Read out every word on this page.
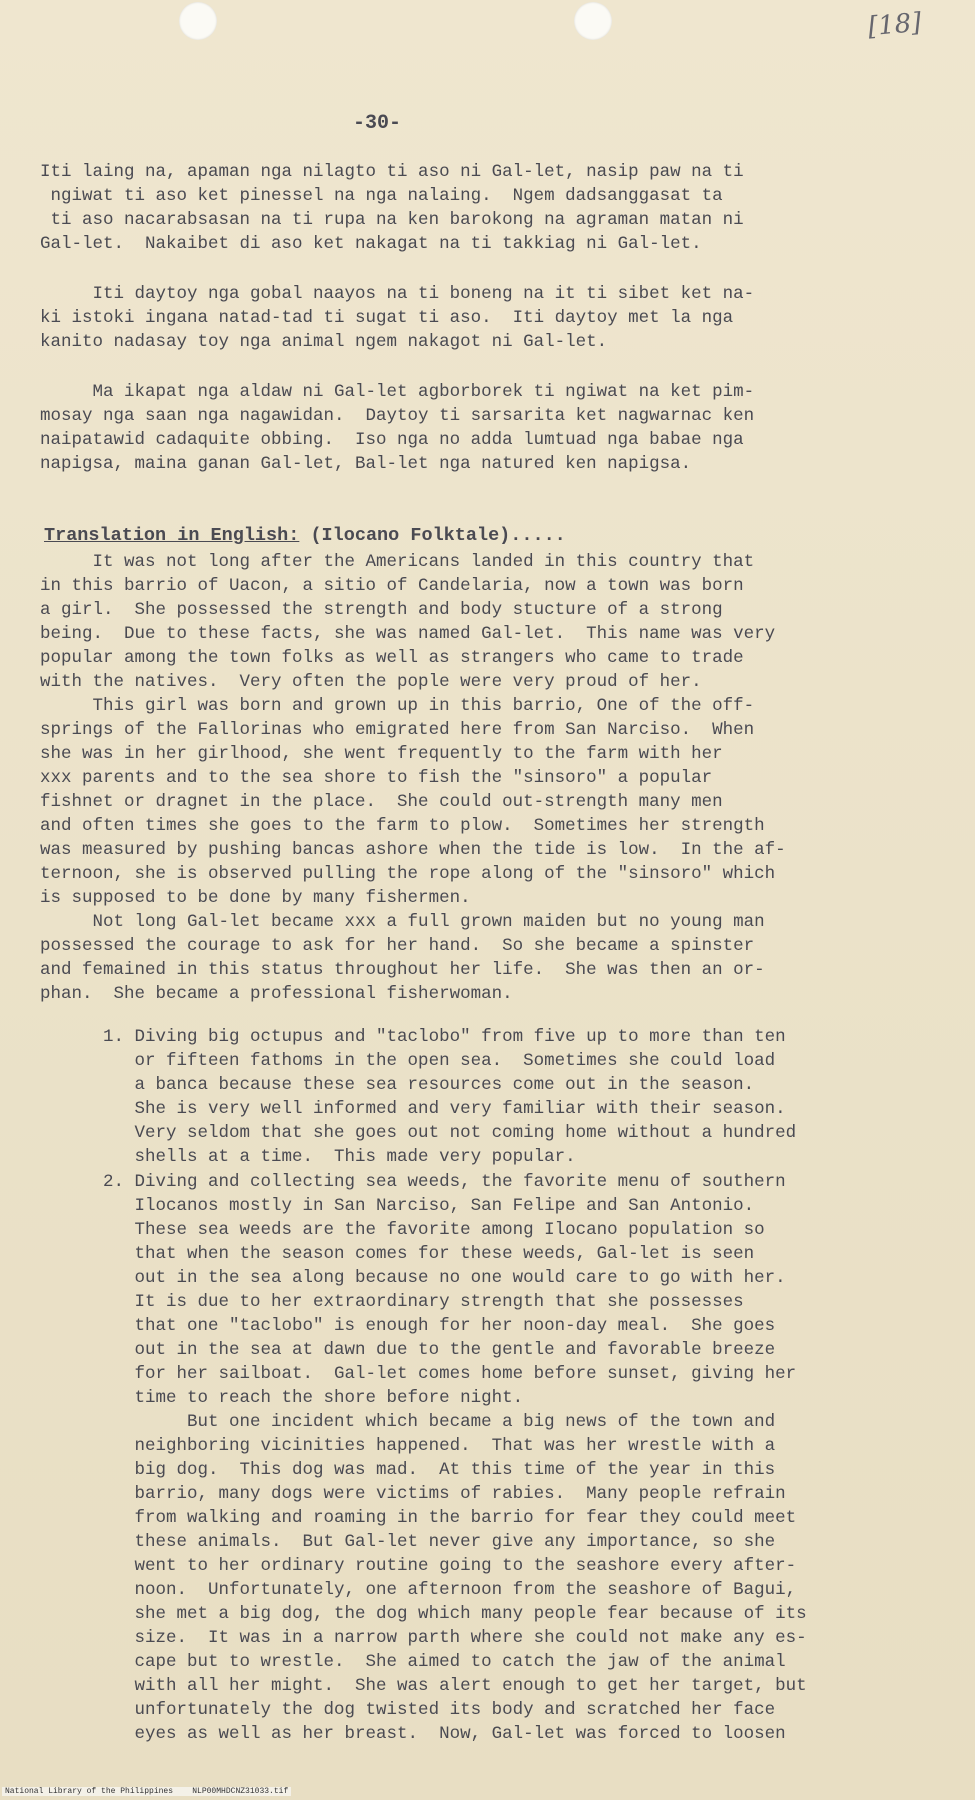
[18]
-30-
Iti laing na, apaman nga nilagto ti aso ni Gal-let, nasip paw na ti
ngiwat ti aso ket pinessel na nga nalaing.  Ngem dadsanggasat ta
ti aso nacarabsasan na ti rupa na ken barokong na agraman matan ni
Gal-let.  Nakaibet di aso ket nakagat na ti takkiag ni Gal-let.
Iti daytoy nga gobal naayos na ti boneng na it ti sibet ket na-
ki istoki ingana natad-tad ti sugat ti aso.  Iti daytoy met la nga
kanito nadasay toy nga animal ngem nakagot ni Gal-let.
Ma ikapat nga aldaw ni Gal-let agborborek ti ngiwat na ket pim-
mosay nga saan nga nagawidan.  Daytoy ti sarsarita ket nagwarnac ken
naipatawid cadaquite obbing.  Iso nga no adda lumtuad nga babae nga
napigsa, maina ganan Gal-let, Bal-let nga natured ken napigsa.
Translation in English: (Ilocano Folktale).....
It was not long after the Americans landed in this country that
in this barrio of Uacon, a sitio of Candelaria, now a town was born
a girl.  She possessed the strength and body stucture of a strong
being.  Due to these facts, she was named Gal-let.  This name was very
popular among the town folks as well as strangers who came to trade
with the natives.  Very often the pople were very proud of her.
This girl was born and grown up in this barrio, One of the off-
springs of the Fallorinas who emigrated here from San Narciso.  When
she was in her girlhood, she went frequently to the farm with her
xxx parents and to the sea shore to fish the "sinsoro" a popular
fishnet or dragnet in the place.  She could out-strength many men
and often times she goes to the farm to plow.  Sometimes her strength
was measured by pushing bancas ashore when the tide is low.  In the af-
ternoon, she is observed pulling the rope along of the "sinsoro" which
is supposed to be done by many fishermen.
Not long Gal-let became xxx a full grown maiden but no young man
possessed the courage to ask for her hand.  So she became a spinster
and femained in this status throughout her life.  She was then an or-
phan.  She became a professional fisherwoman.
1. Diving big octupus and "taclobo" from five up to more than ten
or fifteen fathoms in the open sea.  Sometimes she could load
a banca because these sea resources come out in the season.
She is very well informed and very familiar with their season.
Very seldom that she goes out not coming home without a hundred
shells at a time.  This made very popular.
2. Diving and collecting sea weeds, the favorite menu of southern
Ilocanos mostly in San Narciso, San Felipe and San Antonio.
These sea weeds are the favorite among Ilocano population so
that when the season comes for these weeds, Gal-let is seen
out in the sea along because no one would care to go with her.
It is due to her extraordinary strength that she possesses
that one "taclobo" is enough for her noon-day meal.  She goes
out in the sea at dawn due to the gentle and favorable breeze
for her sailboat.  Gal-let comes home before sunset, giving her
time to reach the shore before night.
But one incident which became a big news of the town and
neighboring vicinities happened.  That was her wrestle with a
big dog.  This dog was mad.  At this time of the year in this
barrio, many dogs were victims of rabies.  Many people refrain
from walking and roaming in the barrio for fear they could meet
these animals.  But Gal-let never give any importance, so she
went to her ordinary routine going to the seashore every after-
noon.  Unfortunately, one afternoon from the seashore of Bagui,
she met a big dog, the dog which many people fear because of its
size.  It was in a narrow parth where she could not make any es-
cape but to wrestle.  She aimed to catch the jaw of the animal
with all her might.  She was alert enough to get her target, but
unfortunately the dog twisted its body and scratched her face
eyes as well as her breast.  Now, Gal-let was forced to loosen
National Library of the Philippines    NLP00MHDCNZ31033.tif
